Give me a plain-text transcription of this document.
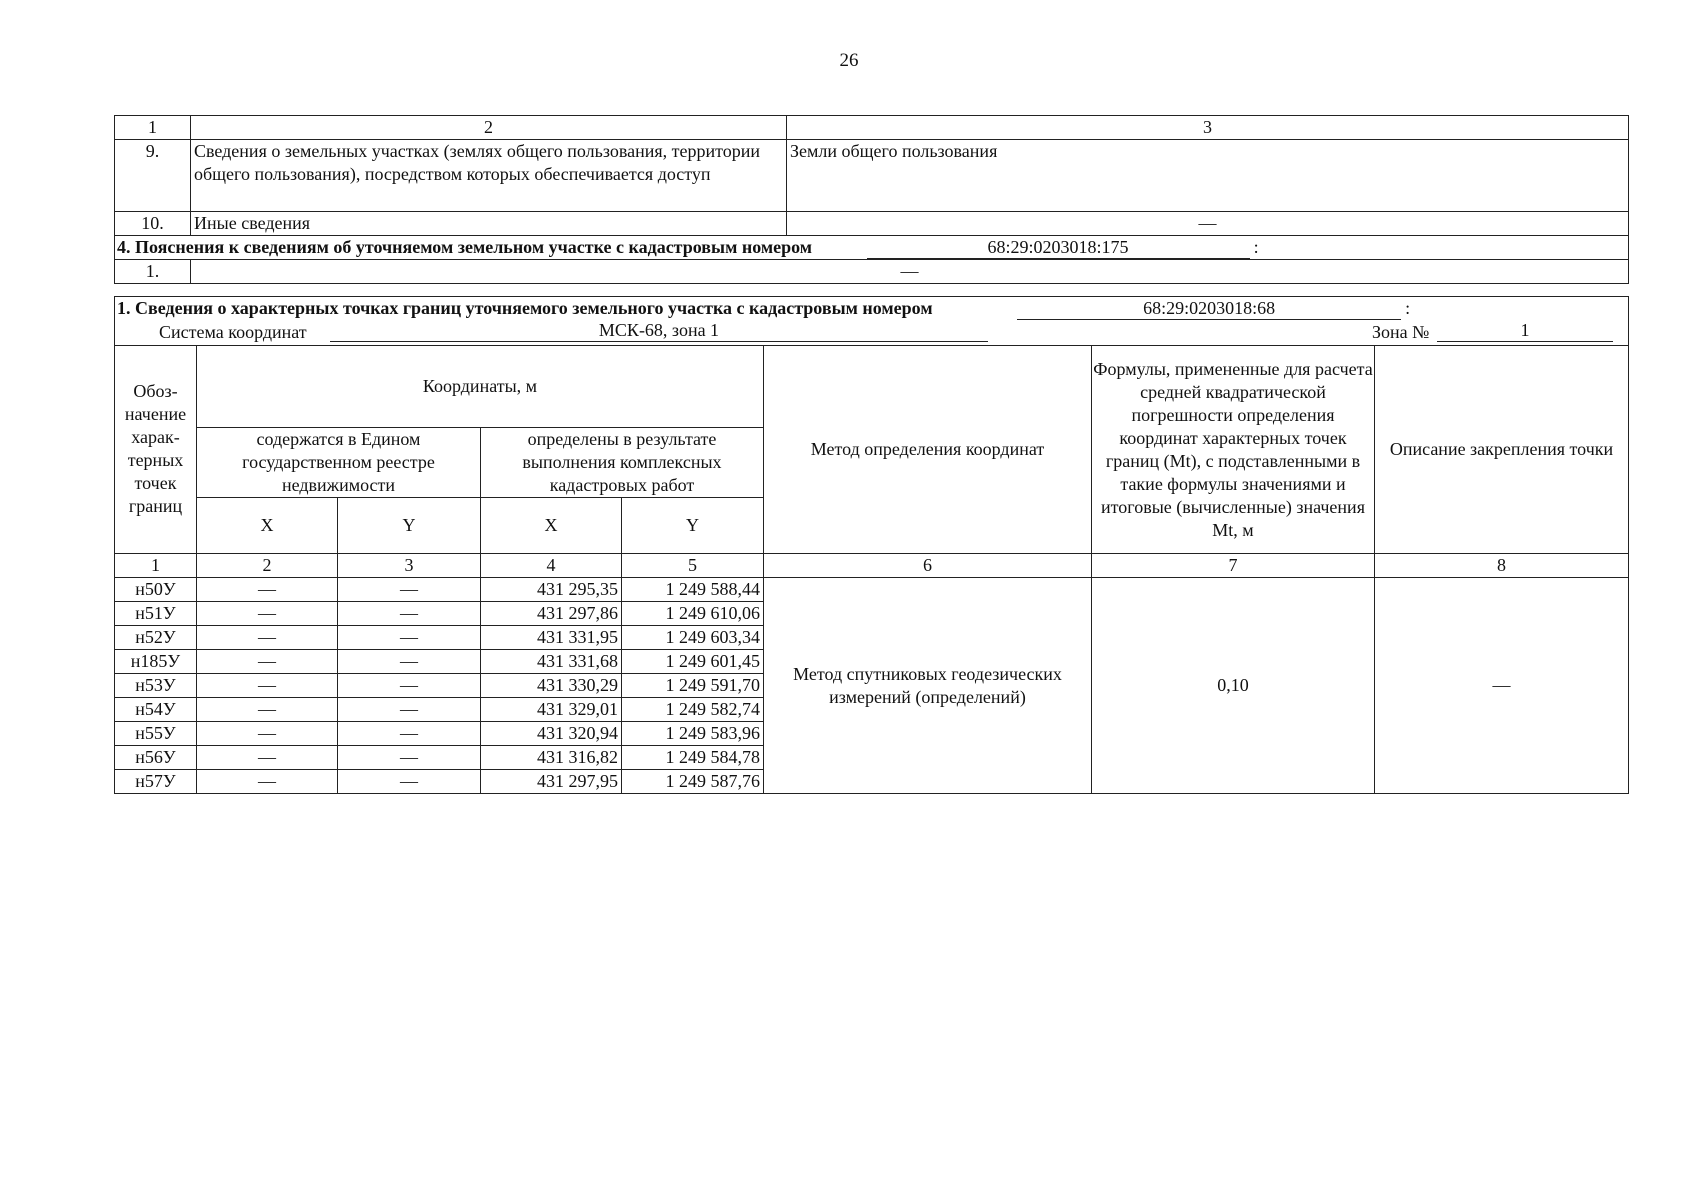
26
1	2	3
9.	Сведения о земельных участках (землях общего пользования, территории общего пользования), посредством которых обеспечивается доступ	Земли общего пользования
10.	Иные сведения	—
4. Пояснения к сведениям об уточняемом земельном участке с кадастровым номером 68:29:0203018:175 :		
1.	—	
1. Сведения о характерных точках границ уточняемого земельного участка с кадастровым номером 68:29:0203018:68 :							

Система координат МСК-68, зона 1 Зона № 1							

Обоз-начение харак-терных точек границ	Координаты, м				Метод определения координат	Формулы, примененные для расчета средней квадратической погрешности определения координат характерных точек границ (Mt), с подставленными в такие формулы значениями и итоговые (вычисленные) значения Mt, м	Описание закрепления точки
	содержатся в Едином государственном реестре недвижимости		определены в результате выполнения комплексных кадастровых работ				
	X	Y	X	Y			
1	2	3	4	5	6	7	8
н50У	—	—	431 295,35	1 249 588,44	Метод спутниковых геодезических измерений (определений)	0,10	—
н51У	—	—	431 297,86	1 249 610,06			
н52У	—	—	431 331,95	1 249 603,34			
н185У	—	—	431 331,68	1 249 601,45			
н53У	—	—	431 330,29	1 249 591,70			
н54У	—	—	431 329,01	1 249 582,74			
н55У	—	—	431 320,94	1 249 583,96			
н56У	—	—	431 316,82	1 249 584,78			
н57У	—	—	431 297,95	1 249 587,76			
